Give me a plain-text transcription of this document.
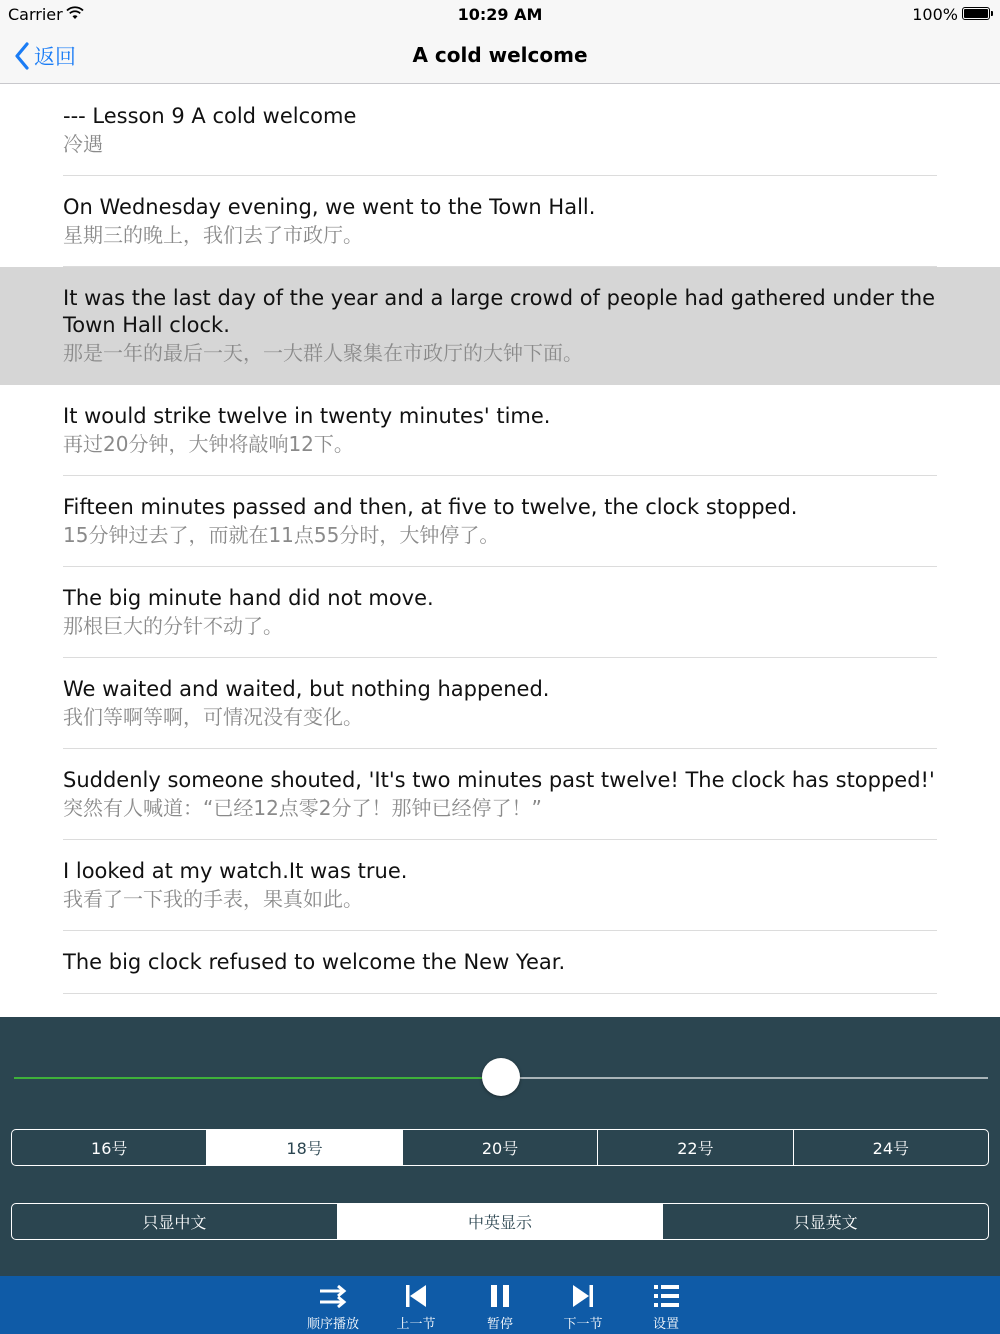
Carrier	10:29 AM	100%
返回	A cold welcome
--- Lesson 9 A cold welcome
冷遇
On Wednesday evening, we went to the Town Hall.
星期三的晚上，我们去了市政厅。
It was the last day of the year and a large crowd of people had gathered under the Town Hall clock.
那是一年的最后一天，一大群人聚集在市政厅的大钟下面。
It would strike twelve in twenty minutes' time.
再过20分钟，大钟将敲响12下。
Fifteen minutes passed and then, at five to twelve, the clock stopped.
15分钟过去了，而就在11点55分时，大钟停了。
The big minute hand did not move.
那根巨大的分针不动了。
We waited and waited, but nothing happened.
我们等啊等啊，可情况没有变化。
Suddenly someone shouted, 'It's two minutes past twelve! The clock has stopped!'
突然有人喊道：“已经12点零2分了！那钟已经停了！”
I looked at my watch.It was true.
我看了一下我的手表，果真如此。
The big clock refused to welcome the New Year.
16号	18号	20号	22号	24号
只显中文	中英显示	只显英文
顺序播放	上一节	暂停	下一节	设置
